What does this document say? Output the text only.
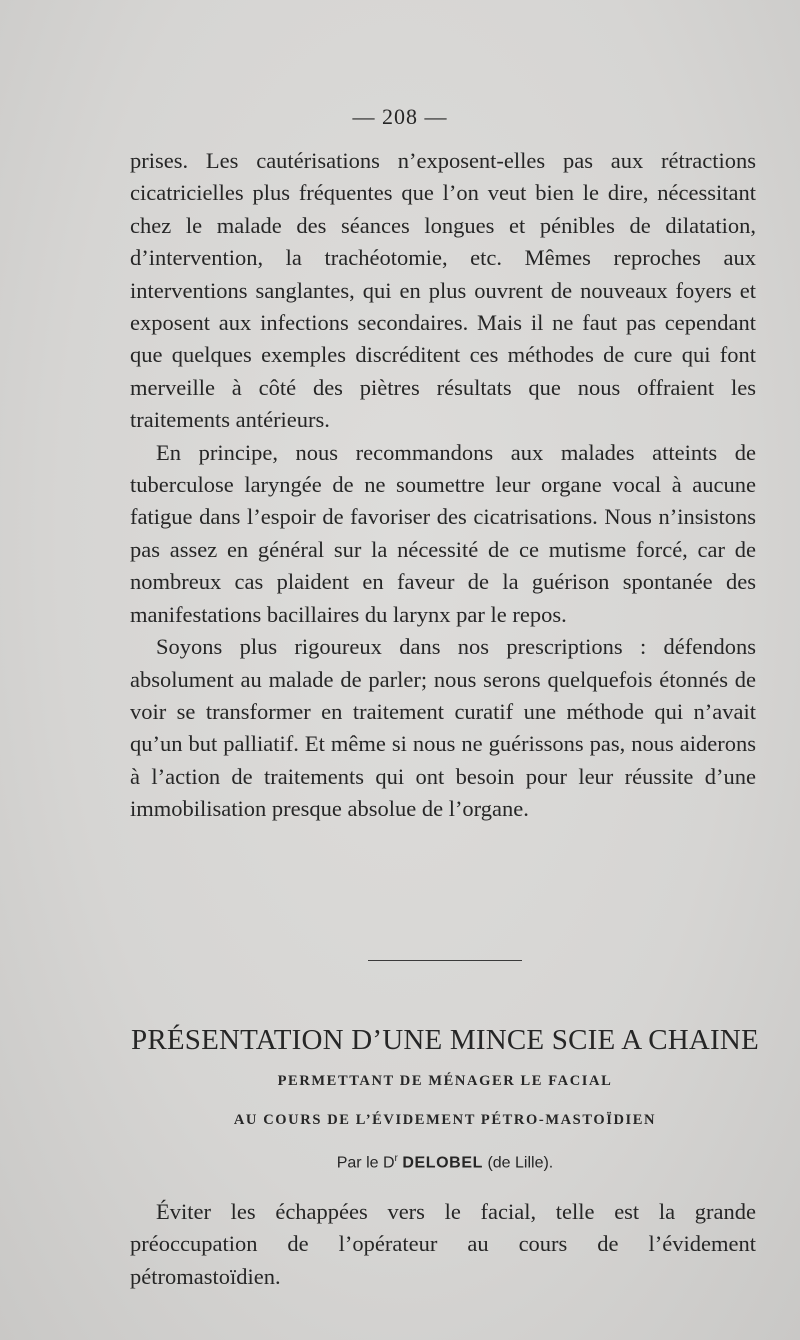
— 208 —

prises. Les cautérisations n’exposent-elles pas aux rétractions cicatricielles plus fréquentes que l’on veut bien le dire, nécessitant chez le malade des séances longues et pénibles de dilatation, d’intervention, la trachéotomie, etc. Mêmes reproches aux interventions sanglantes, qui en plus ouvrent de nouveaux foyers et exposent aux infections secondaires. Mais il ne faut pas cependant que quelques exemples discréditent ces méthodes de cure qui font merveille à côté des piètres résultats que nous offraient les traitements antérieurs.

En principe, nous recommandons aux malades atteints de tuberculose laryngée de ne soumettre leur organe vocal à aucune fatigue dans l’espoir de favoriser des cicatrisations. Nous n’insistons pas assez en général sur la nécessité de ce mutisme forcé, car de nombreux cas plaident en faveur de la guérison spontanée des manifestations bacillaires du larynx par le repos.

Soyons plus rigoureux dans nos prescriptions : défendons absolument au malade de parler; nous serons quelquefois étonnés de voir se transformer en traitement curatif une méthode qui n’avait qu’un but palliatif. Et même si nous ne guérissons pas, nous aiderons à l’action de traitements qui ont besoin pour leur réussite d’une immobilisation presque absolue de l’organe.

PRÉSENTATION D’UNE MINCE SCIE A CHAINE
PERMETTANT DE MÉNAGER LE FACIAL
AU COURS DE L’ÉVIDEMENT PÉTRO-MASTOÏDIEN
Par le $D^r$ DELOBEL (de Lille).

Éviter les échappées vers le facial, telle est la grande préoccupation de l’opérateur au cours de l’évidement pétromastoïdien.
